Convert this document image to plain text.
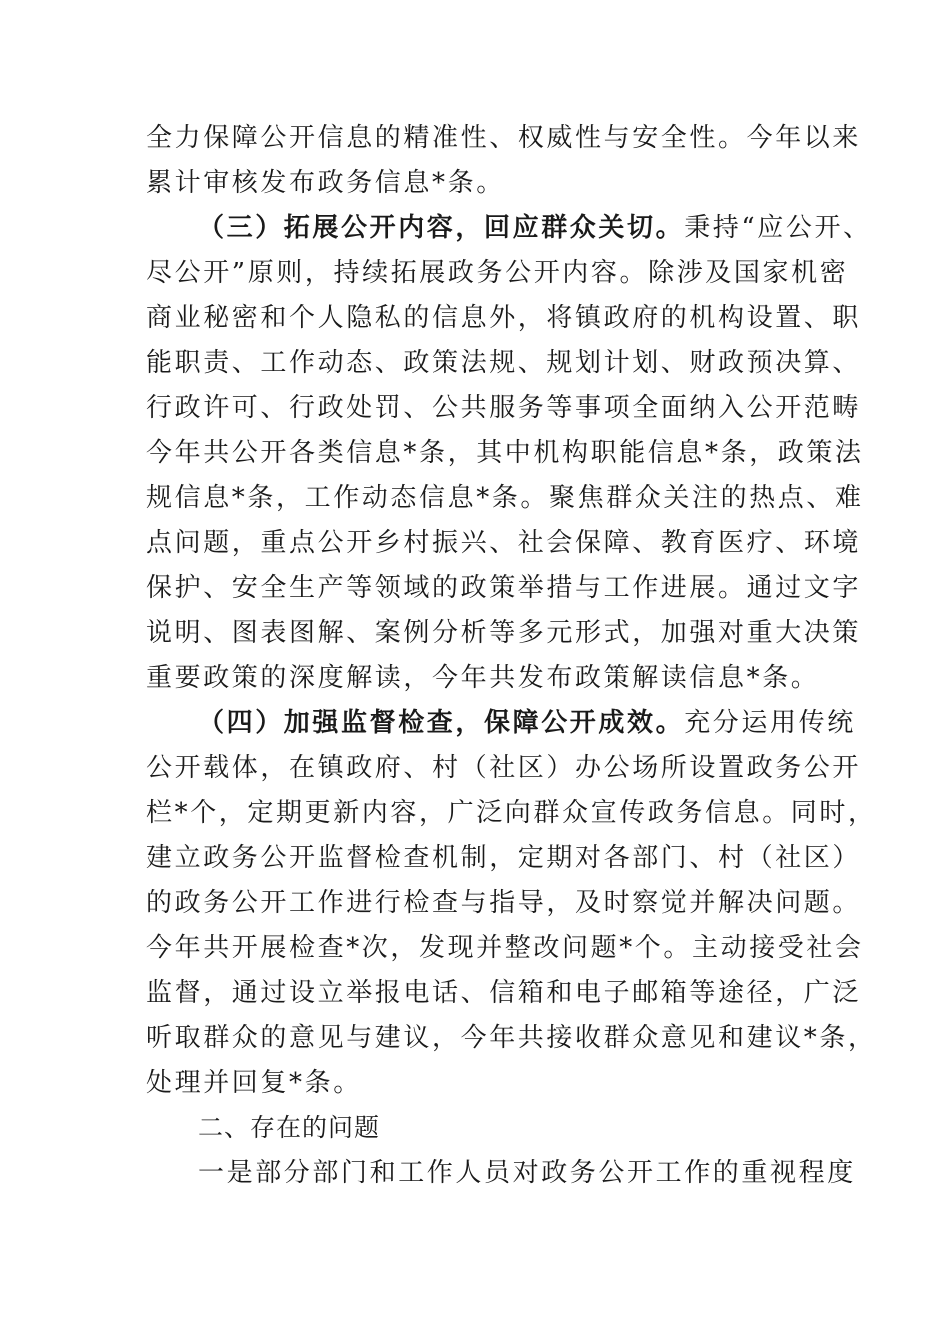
全力保障公开信息的精准性、权威性与安全性。今年以来
累计审核发布政务信息*条。
（三）拓展公开内容，回应群众关切。秉持“应公开、
尽公开”原则，持续拓展政务公开内容。除涉及国家机密
商业秘密和个人隐私的信息外，将镇政府的机构设置、职
能职责、工作动态、政策法规、规划计划、财政预决算、
行政许可、行政处罚、公共服务等事项全面纳入公开范畴
今年共公开各类信息*条，其中机构职能信息*条，政策法
规信息*条，工作动态信息*条。聚焦群众关注的热点、难
点问题，重点公开乡村振兴、社会保障、教育医疗、环境
保护、安全生产等领域的政策举措与工作进展。通过文字
说明、图表图解、案例分析等多元形式，加强对重大决策
重要政策的深度解读，今年共发布政策解读信息*条。
（四）加强监督检查，保障公开成效。充分运用传统
公开载体，在镇政府、村（社区）办公场所设置政务公开
栏*个，定期更新内容，广泛向群众宣传政务信息。同时，
建立政务公开监督检查机制，定期对各部门、村（社区）
的政务公开工作进行检查与指导，及时察觉并解决问题。
今年共开展检查*次，发现并整改问题*个。主动接受社会
监督，通过设立举报电话、信箱和电子邮箱等途径，广泛
听取群众的意见与建议，今年共接收群众意见和建议*条，
处理并回复*条。
二、存在的问题
一是部分部门和工作人员对政务公开工作的重视程度
